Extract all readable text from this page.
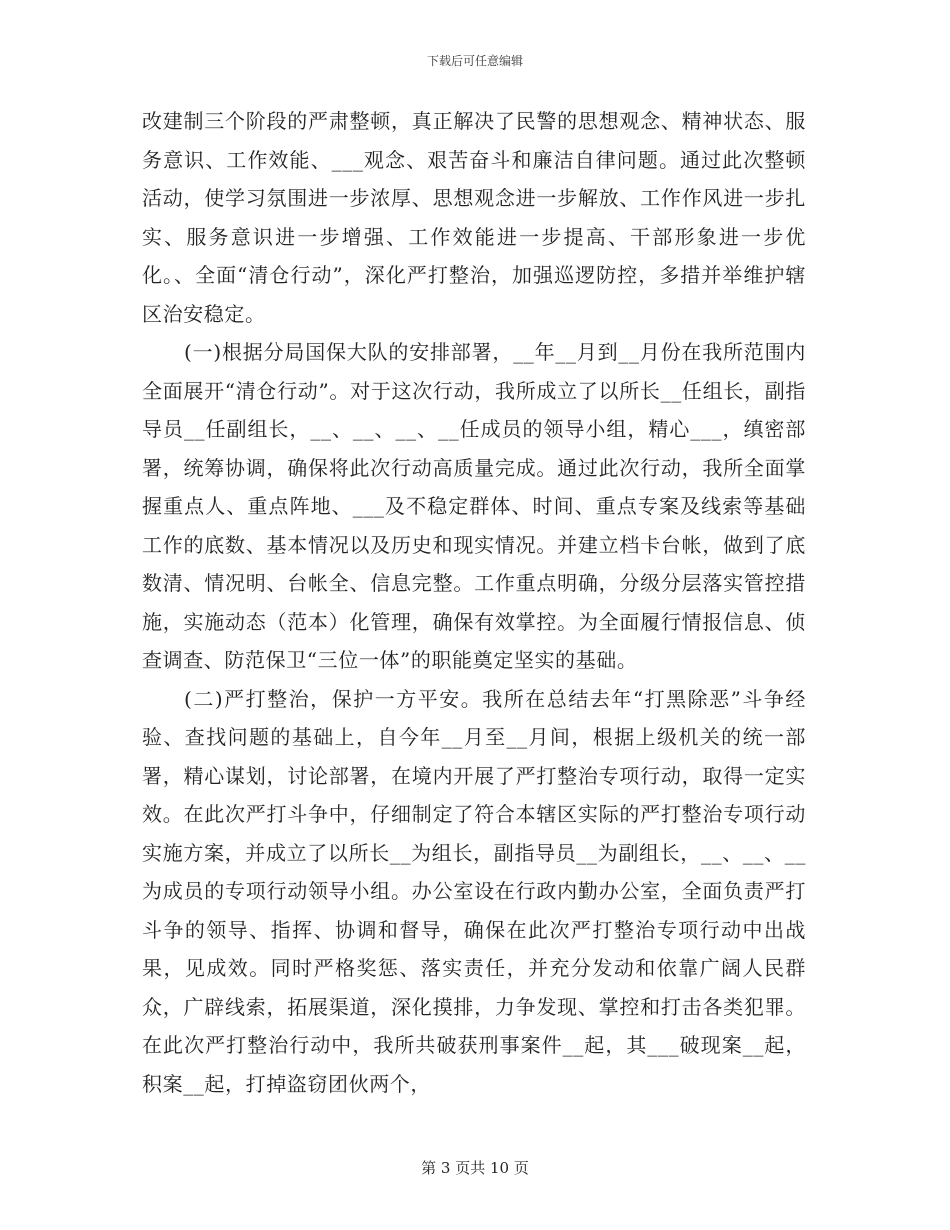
下载后可任意编辑

改建制三个阶段的严肃整顿，真正解决了民警的思想观念、精神状态、服务意识、工作效能、___观念、艰苦奋斗和廉洁自律问题。通过此次整顿活动，使学习氛围进一步浓厚、思想观念进一步解放、工作作风进一步扎实、服务意识进一步增强、工作效能进一步提高、干部形象进一步优化。、全面“清仓行动”，深化严打整治，加强巡逻防控，多措并举维护辖区治安稳定。

(一)根据分局国保大队的安排部署，__年__月到__月份在我所范围内全面展开“清仓行动”。对于这次行动，我所成立了以所长__任组长，副指导员__任副组长，__、__、__、__任成员的领导小组，精心___，缜密部署，统筹协调，确保将此次行动高质量完成。通过此次行动，我所全面掌握重点人、重点阵地、___及不稳定群体、时间、重点专案及线索等基础工作的底数、基本情况以及历史和现实情况。并建立档卡台帐，做到了底数清、情况明、台帐全、信息完整。工作重点明确，分级分层落实管控措施，实施动态（范本）化管理，确保有效掌控。为全面履行情报信息、侦查调查、防范保卫“三位一体”的职能奠定坚实的基础。

(二)严打整治，保护一方平安。我所在总结去年“打黑除恶”斗争经验、查找问题的基础上，自今年__月至__月间，根据上级机关的统一部署，精心谋划，讨论部署，在境内开展了严打整治专项行动，取得一定实效。在此次严打斗争中，仔细制定了符合本辖区实际的严打整治专项行动实施方案，并成立了以所长__为组长，副指导员__为副组长，__、__、__为成员的专项行动领导小组。办公室设在行政内勤办公室，全面负责严打斗争的领导、指挥、协调和督导，确保在此次严打整治专项行动中出战果，见成效。同时严格奖惩、落实责任，并充分发动和依靠广阔人民群众，广辟线索，拓展渠道，深化摸排，力争发现、掌控和打击各类犯罪。在此次严打整治行动中，我所共破获刑事案件__起，其___破现案__起，积案__起，打掉盗窃团伙两个，

第 3 页共 10 页
